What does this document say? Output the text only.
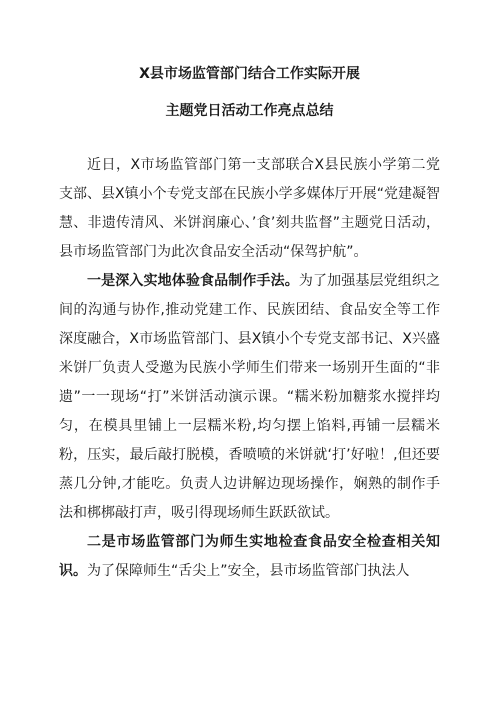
X县市场监管部门结合工作实际开展
主题党日活动工作亮点总结

近日，X市场监管部门第一支部联合X县民族小学第二党支部、县X镇小个专党支部在民族小学多媒体厅开展“党建凝智慧、非遗传清风、米饼润廉心、’食’刻共监督”主题党日活动，县市场监管部门为此次食品安全活动“保驾护航”。

一是深入实地体验食品制作手法。为了加强基层党组织之间的沟通与协作,推动党建工作、民族团结、食品安全等工作深度融合，X市场监管部门、县X镇小个专党支部书记、X兴盛米饼厂负责人受邀为民族小学师生们带来一场别开生面的“非遗”一一现场“打”米饼活动演示课。“糯米粉加糖浆水搅拌均匀，在模具里铺上一层糯米粉,均匀摆上馅料,再铺一层糯米粉，压实，最后敲打脱模，香喷喷的米饼就‘打’好啦！,但还要蒸几分钟,才能吃。负责人边讲解边现场操作，娴熟的制作手法和梆梆敲打声，吸引得现场师生跃跃欲试。

二是市场监管部门为师生实地检查食品安全检查相关知识。为了保障师生“舌尖上”安全，县市场监管部门执法人
